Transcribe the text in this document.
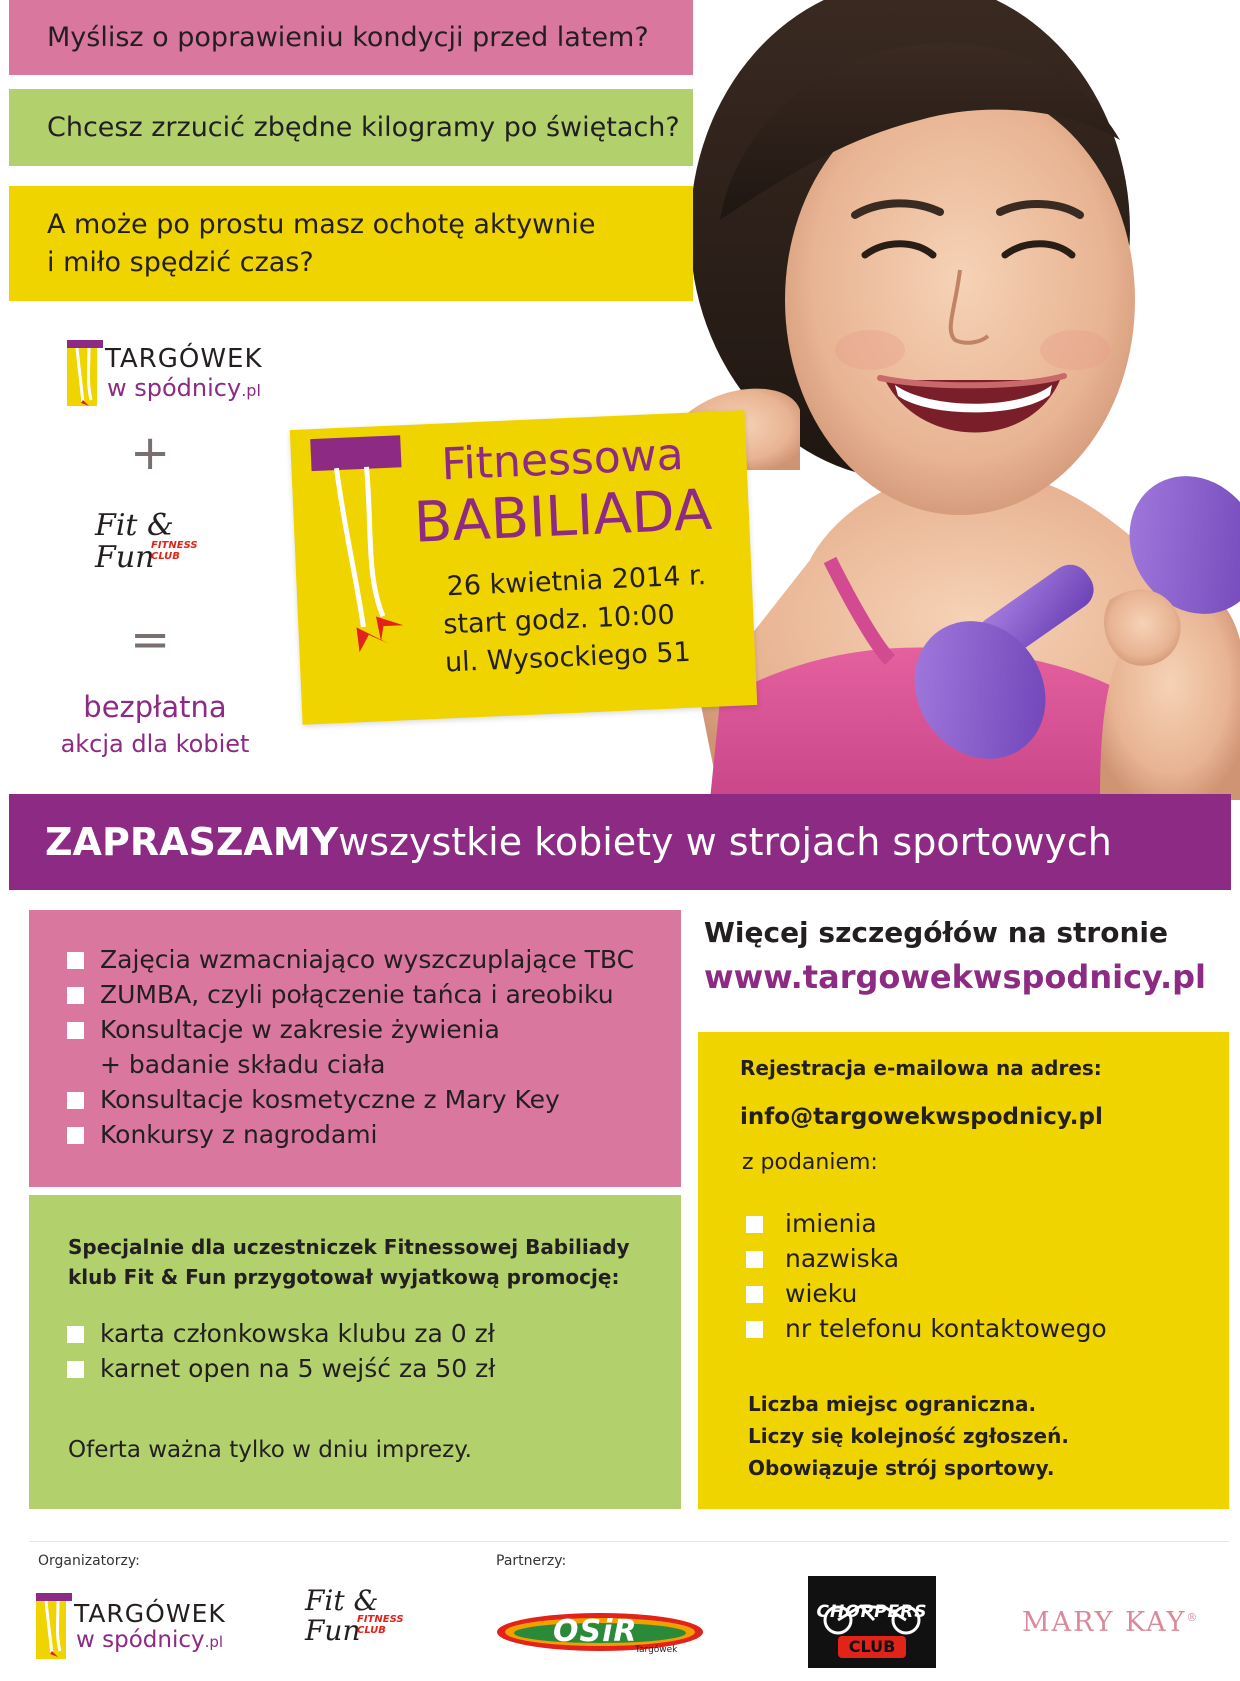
Myślisz o poprawieniu kondycji przed latem?
Chcesz zrzucić zbędne kilogramy po świętach?
A może po prostu masz ochotę aktywnie
i miło spędzić czas?
TARGÓWEK
w spódnicy.pl
+
Fit & Fun
FITNESS CLUB
=
bezpłatna
akcja dla kobiet
Fitnessowa
BABILIADA
26 kwietnia 2014 r.
start godz. 10:00
ul. Wysockiego 51
ZAPRASZAMY wszystkie kobiety w strojach sportowych
Zajęcia wzmacniająco wyszczuplające TBC
ZUMBA, czyli połączenie tańca i areobiku
Konsultacje w zakresie żywienia
+ badanie składu ciała
Konsultacje kosmetyczne z Mary Key
Konkursy z nagrodami
Specjalnie dla uczestniczek Fitnessowej Babiliady
klub Fit & Fun przygotował wyjatkową promocję:
karta członkowska klubu za 0 zł
karnet open na 5 wejść za 50 zł
Oferta ważna tylko w dniu imprezy.
Więcej szczegółów na stronie
www.targowekwspodnicy.pl
Rejestracja e-mailowa na adres:
info@targowekwspodnicy.pl
z podaniem:
imienia
nazwiska
wieku
nr telefonu kontaktowego
Liczba miejsc ograniczna.
Liczy się kolejność zgłoszeń.
Obowiązuje strój sportowy.
Organizatorzy:	Partnerzy:
TARGÓWEK
w spódnicy.pl
Fit & Fun
FITNESS CLUB	OSiR
Targówek
CHOPPERS
CLUB
MARY KAY®
